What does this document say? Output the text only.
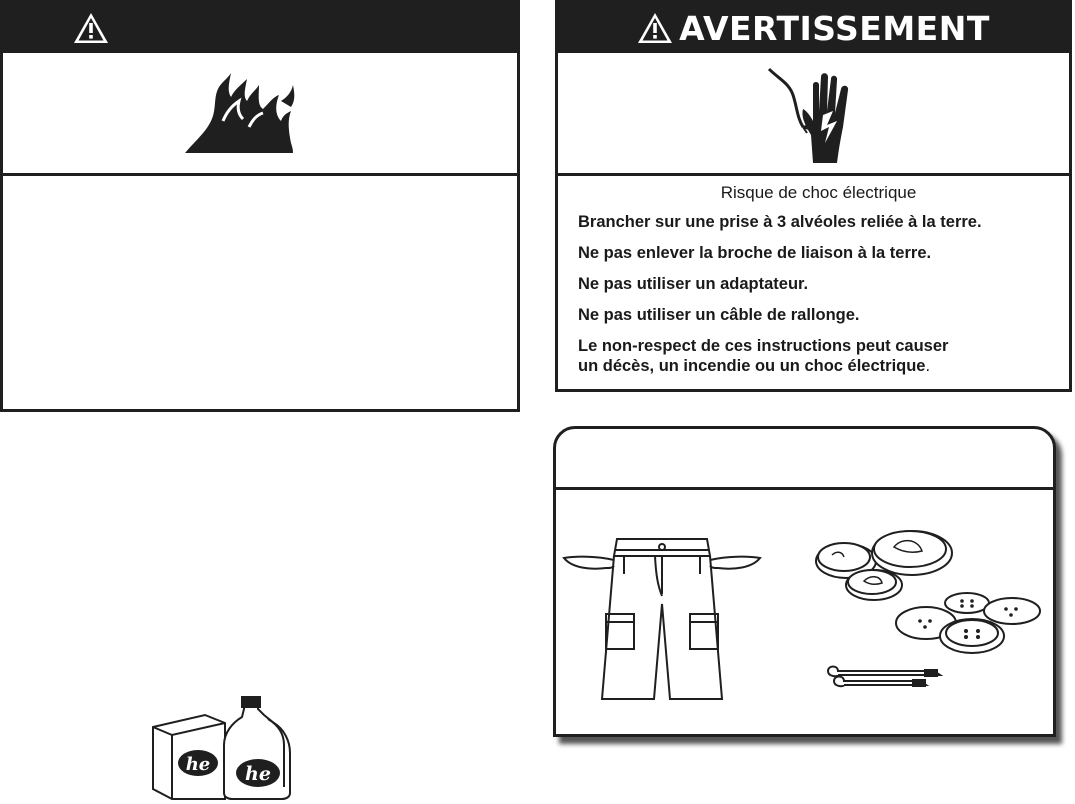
AVERTISSEMENT

Risque de choc électrique

Brancher sur une prise à 3 alvéoles reliée à la terre.

Ne pas enlever la broche de liaison à la terre.

Ne pas utiliser un adaptateur.

Ne pas utiliser un câble de rallonge.

Le non-respect de ces instructions peut causer
un décès, un incendie ou un choc électrique.
he he
